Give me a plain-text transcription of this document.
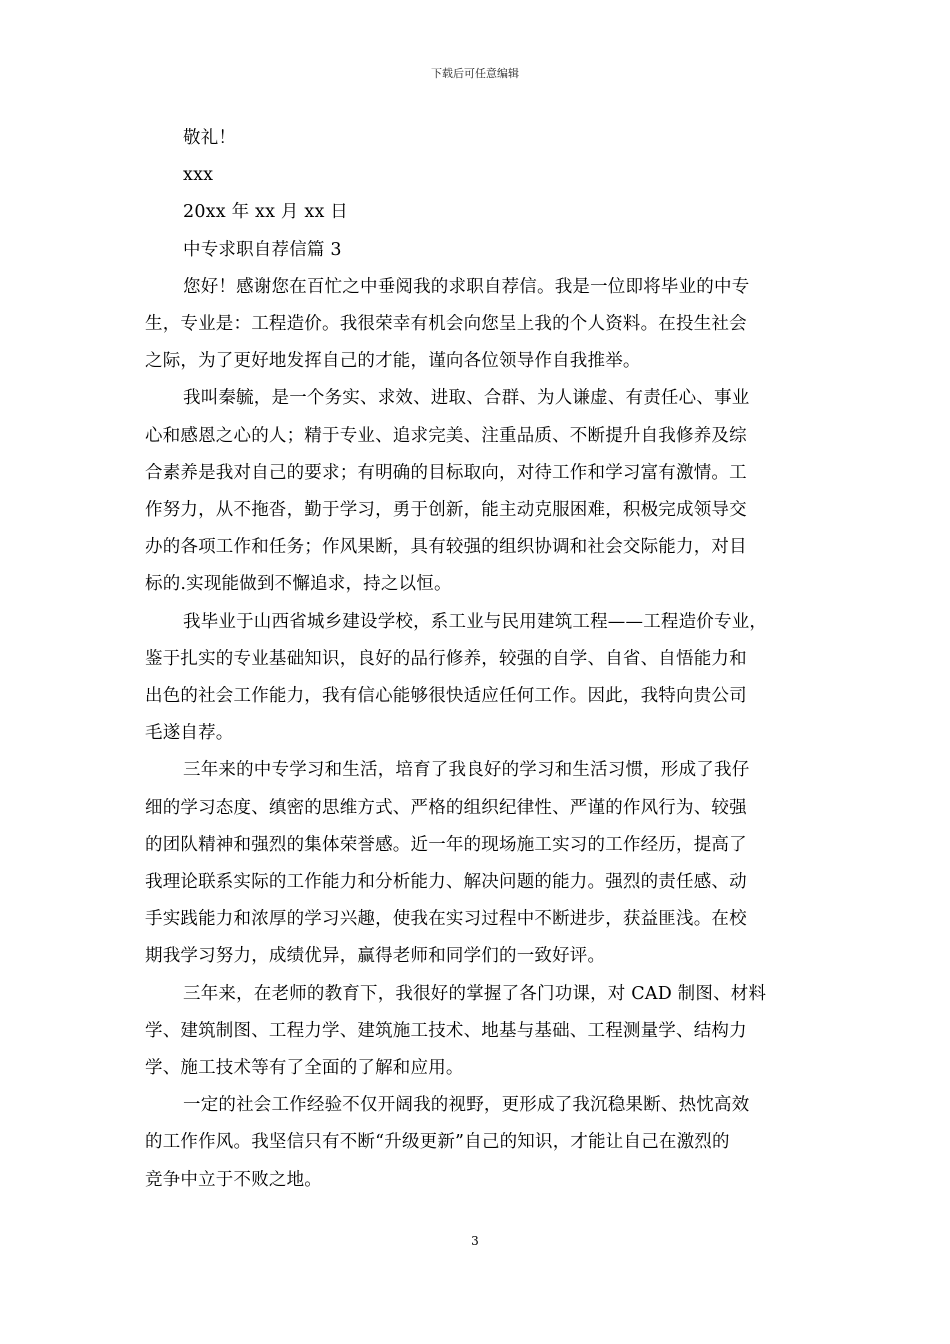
下载后可任意编辑

敬礼！

xxx

20xx 年 xx 月 xx 日

中专求职自荐信篇 3

您好！感谢您在百忙之中垂阅我的求职自荐信。我是一位即将毕业的中专

生，专业是：工程造价。我很荣幸有机会向您呈上我的个人资料。在投生社会

之际，为了更好地发挥自己的才能，谨向各位领导作自我推举。

我叫秦毓，是一个务实、求效、进取、合群、为人谦虚、有责任心、事业

心和感恩之心的人；精于专业、追求完美、注重品质、不断提升自我修养及综

合素养是我对自己的要求；有明确的目标取向，对待工作和学习富有激情。工

作努力，从不拖沓，勤于学习，勇于创新，能主动克服困难，积极完成领导交

办的各项工作和任务；作风果断，具有较强的组织协调和社会交际能力，对目

标的.实现能做到不懈追求，持之以恒。

我毕业于山西省城乡建设学校，系工业与民用建筑工程——工程造价专业，

鉴于扎实的专业基础知识，良好的品行修养，较强的自学、自省、自悟能力和

出色的社会工作能力，我有信心能够很快适应任何工作。因此，我特向贵公司

毛遂自荐。

三年来的中专学习和生活，培育了我良好的学习和生活习惯，形成了我仔

细的学习态度、缜密的思维方式、严格的组织纪律性、严谨的作风行为、较强

的团队精神和强烈的集体荣誉感。近一年的现场施工实习的工作经历，提高了

我理论联系实际的工作能力和分析能力、解决问题的能力。强烈的责任感、动

手实践能力和浓厚的学习兴趣，使我在实习过程中不断进步，获益匪浅。在校

期我学习努力，成绩优异，赢得老师和同学们的一致好评。

三年来，在老师的教育下，我很好的掌握了各门功课，对 CAD 制图、材料

学、建筑制图、工程力学、建筑施工技术、地基与基础、工程测量学、结构力

学、施工技术等有了全面的了解和应用。

一定的社会工作经验不仅开阔我的视野，更形成了我沉稳果断、热忱高效

的工作作风。我坚信只有不断“升级更新”自己的知识，才能让自己在激烈的

竞争中立于不败之地。

3
